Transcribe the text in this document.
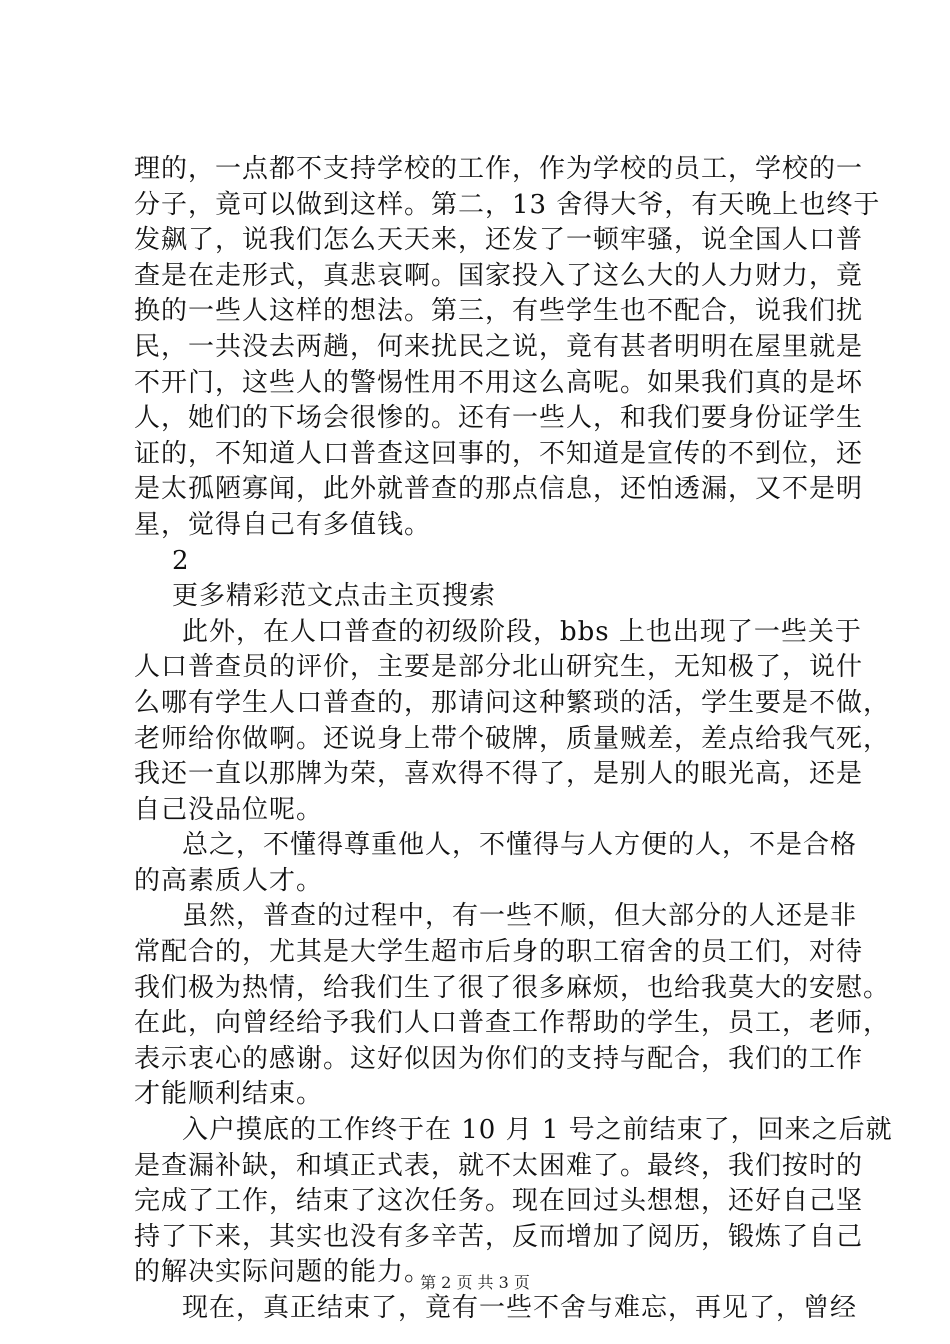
理的，一点都不支持学校的工作，作为学校的员工，学校的一
分子，竟可以做到这样。第二，13 舍得大爷，有天晚上也终于
发飙了，说我们怎么天天来，还发了一顿牢骚，说全国人口普
查是在走形式，真悲哀啊。国家投入了这么大的人力财力，竟
换的一些人这样的想法。第三，有些学生也不配合，说我们扰
民，一共没去两趟，何来扰民之说，竟有甚者明明在屋里就是
不开门，这些人的警惕性用不用这么高呢。如果我们真的是坏
人，她们的下场会很惨的。还有一些人，和我们要身份证学生
证的，不知道人口普查这回事的，不知道是宣传的不到位，还
是太孤陋寡闻，此外就普查的那点信息，还怕透漏，又不是明
星，觉得自己有多值钱。
2
更多精彩范文点击主页搜索
此外，在人口普查的初级阶段，bbs 上也出现了一些关于
人口普查员的评价，主要是部分北山研究生，无知极了，说什
么哪有学生人口普查的，那请问这种繁琐的活，学生要是不做，
老师给你做啊。还说身上带个破牌，质量贼差，差点给我气死，
我还一直以那牌为荣，喜欢得不得了，是别人的眼光高，还是
自己没品位呢。
总之，不懂得尊重他人，不懂得与人方便的人，不是合格
的高素质人才。
虽然，普查的过程中，有一些不顺，但大部分的人还是非
常配合的，尤其是大学生超市后身的职工宿舍的员工们，对待
我们极为热情，给我们生了很了很多麻烦，也给我莫大的安慰。
在此，向曾经给予我们人口普查工作帮助的学生，员工，老师，
表示衷心的感谢。这好似因为你们的支持与配合，我们的工作
才能顺利结束。
入户摸底的工作终于在 10 月 1 号之前结束了，回来之后就
是查漏补缺，和填正式表，就不太困难了。最终，我们按时的
完成了工作，结束了这次任务。现在回过头想想，还好自己坚
持了下来，其实也没有多辛苦，反而增加了阅历，锻炼了自己
的解决实际问题的能力。
现在，真正结束了，竟有一些不舍与难忘，再见了，曾经
第 2 页 共 3 页
